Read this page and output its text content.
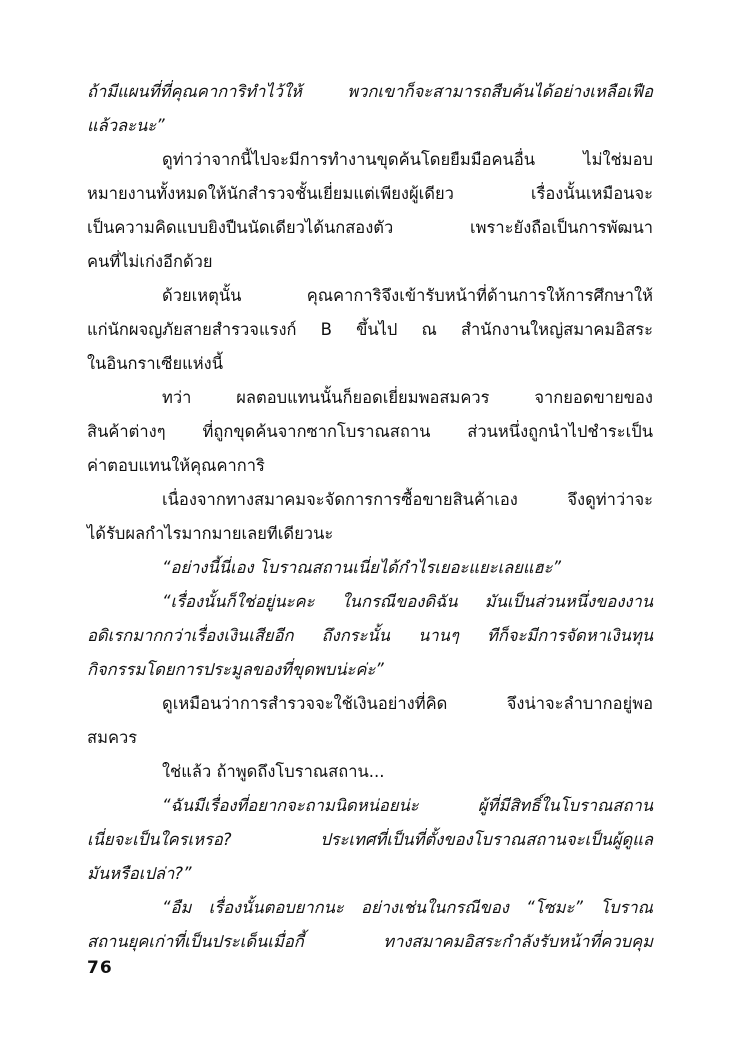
ถ้ามีแผนที่ที่คุณคาการิทำไว้ให้ พวกเขาก็จะสามารถสืบค้นได้อย่างเหลือเฟือ
แล้วละนะ”
ดูท่าว่าจากนี้ไปจะมีการทำงานขุดค้นโดยยืมมือคนอื่น ไม่ใช่มอบ
หมายงานทั้งหมดให้นักสำรวจชั้นเยี่ยมแต่เพียงผู้เดียว เรื่องนั้นเหมือนจะ
เป็นความคิดแบบยิงปืนนัดเดียวได้นกสองตัว เพราะยังถือเป็นการพัฒนา
คนที่ไม่เก่งอีกด้วย
ด้วยเหตุนั้น คุณคาการิจึงเข้ารับหน้าที่ด้านการให้การศึกษาให้
แก่นักผจญภัยสายสำรวจแรงก์ B ขึ้นไป ณ สำนักงานใหญ่สมาคมอิสระ
ในอินกราเซียแห่งนี้
ทว่า ผลตอบแทนนั้นก็ยอดเยี่ยมพอสมควร จากยอดขายของ
สินค้าต่างๆ ที่ถูกขุดค้นจากซากโบราณสถาน ส่วนหนึ่งถูกนำไปชำระเป็น
ค่าตอบแทนให้คุณคาการิ
เนื่องจากทางสมาคมจะจัดการการซื้อขายสินค้าเอง จึงดูท่าว่าจะ
ได้รับผลกำไรมากมายเลยทีเดียวนะ
“อย่างนี้นี่เอง โบราณสถานเนี่ยได้กำไรเยอะแยะเลยแฮะ”
“เรื่องนั้นก็ใช่อยู่นะคะ ในกรณีของดิฉัน มันเป็นส่วนหนึ่งของงาน
อดิเรกมากกว่าเรื่องเงินเสียอีก ถึงกระนั้น นานๆ ทีก็จะมีการจัดหาเงินทุน
กิจกรรมโดยการประมูลของที่ขุดพบน่ะค่ะ”
ดูเหมือนว่าการสำรวจจะใช้เงินอย่างที่คิด จึงน่าจะลำบากอยู่พอ
สมควร
ใช่แล้ว ถ้าพูดถึงโบราณสถาน...
“ฉันมีเรื่องที่อยากจะถามนิดหน่อยน่ะ ผู้ที่มีสิทธิ์ในโบราณสถาน
เนี่ยจะเป็นใครเหรอ? ประเทศที่เป็นที่ตั้งของโบราณสถานจะเป็นผู้ดูแล
มันหรือเปล่า?”
“อืม เรื่องนั้นตอบยากนะ อย่างเช่นในกรณีของ “โซมะ” โบราณ
สถานยุคเก่าที่เป็นประเด็นเมื่อกี้ ทางสมาคมอิสระกำลังรับหน้าที่ควบคุม
76
